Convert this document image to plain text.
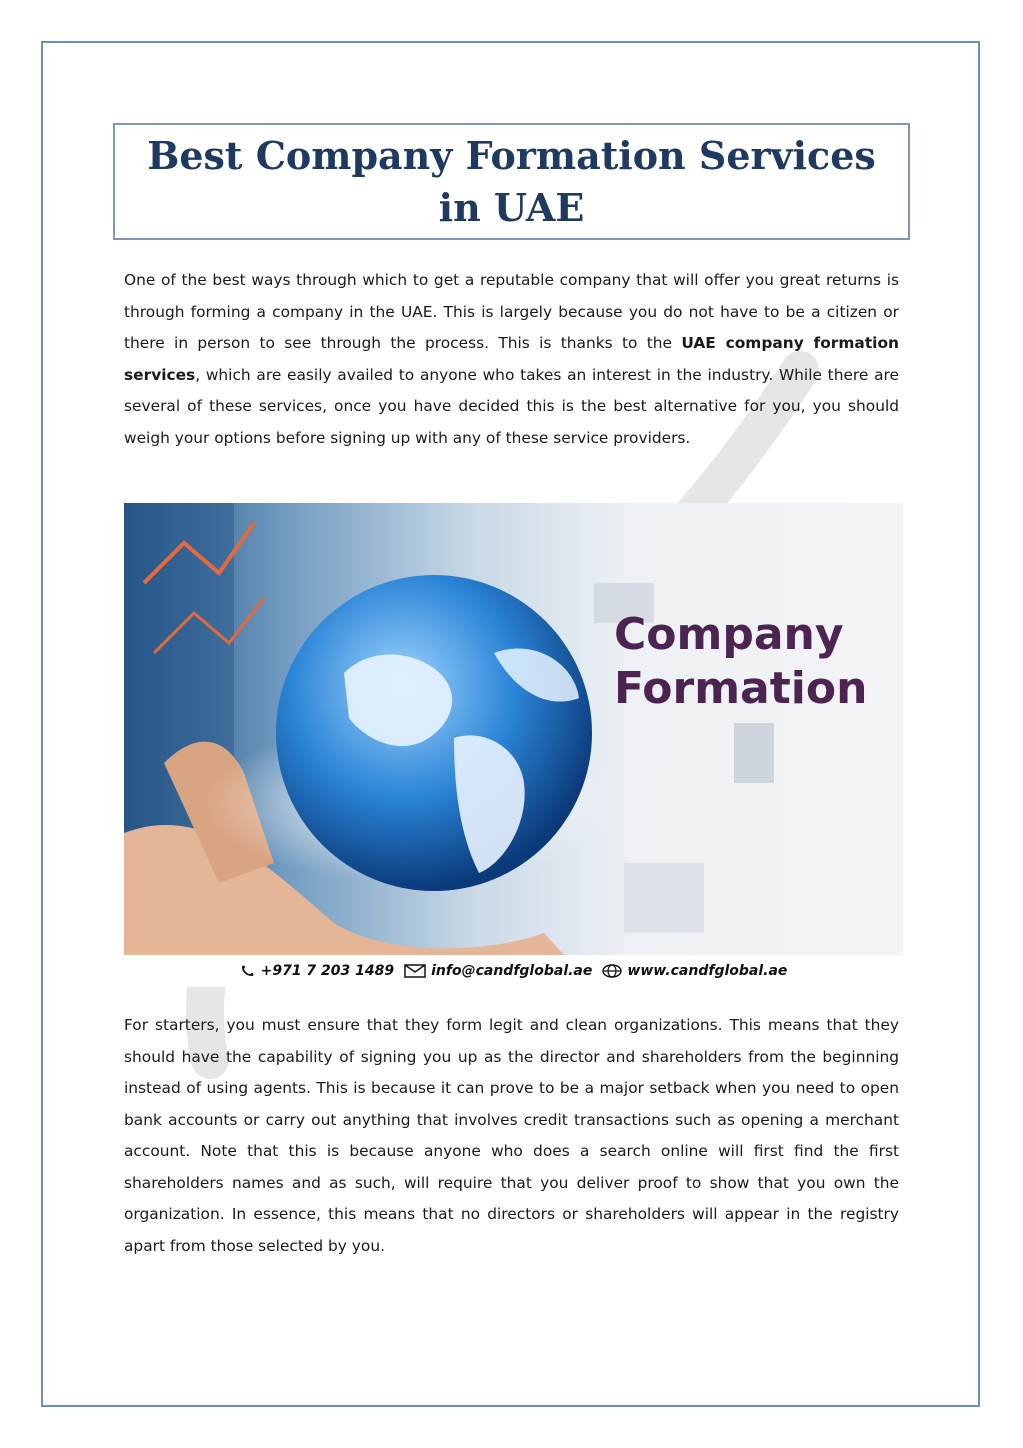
Best Company Formation Services in UAE

One of the best ways through which to get a reputable company that will offer you great returns is through forming a company in the UAE. This is largely because you do not have to be a citizen or there in person to see through the process. This is thanks to the UAE company formation services, which are easily availed to anyone who takes an interest in the industry. While there are several of these services, once you have decided this is the best alternative for you, you should weigh your options before signing up with any of these service providers.

Company
Formation
+971 7 203 1489	info@candfglobal.ae	www.candfglobal.ae

For starters, you must ensure that they form legit and clean organizations. This means that they should have the capability of signing you up as the director and shareholders from the beginning instead of using agents. This is because it can prove to be a major setback when you need to open bank accounts or carry out anything that involves credit transactions such as opening a merchant account. Note that this is because anyone who does a search online will first find the first shareholders names and as such, will require that you deliver proof to show that you own the organization. In essence, this means that no directors or shareholders will appear in the registry apart from those selected by you.
